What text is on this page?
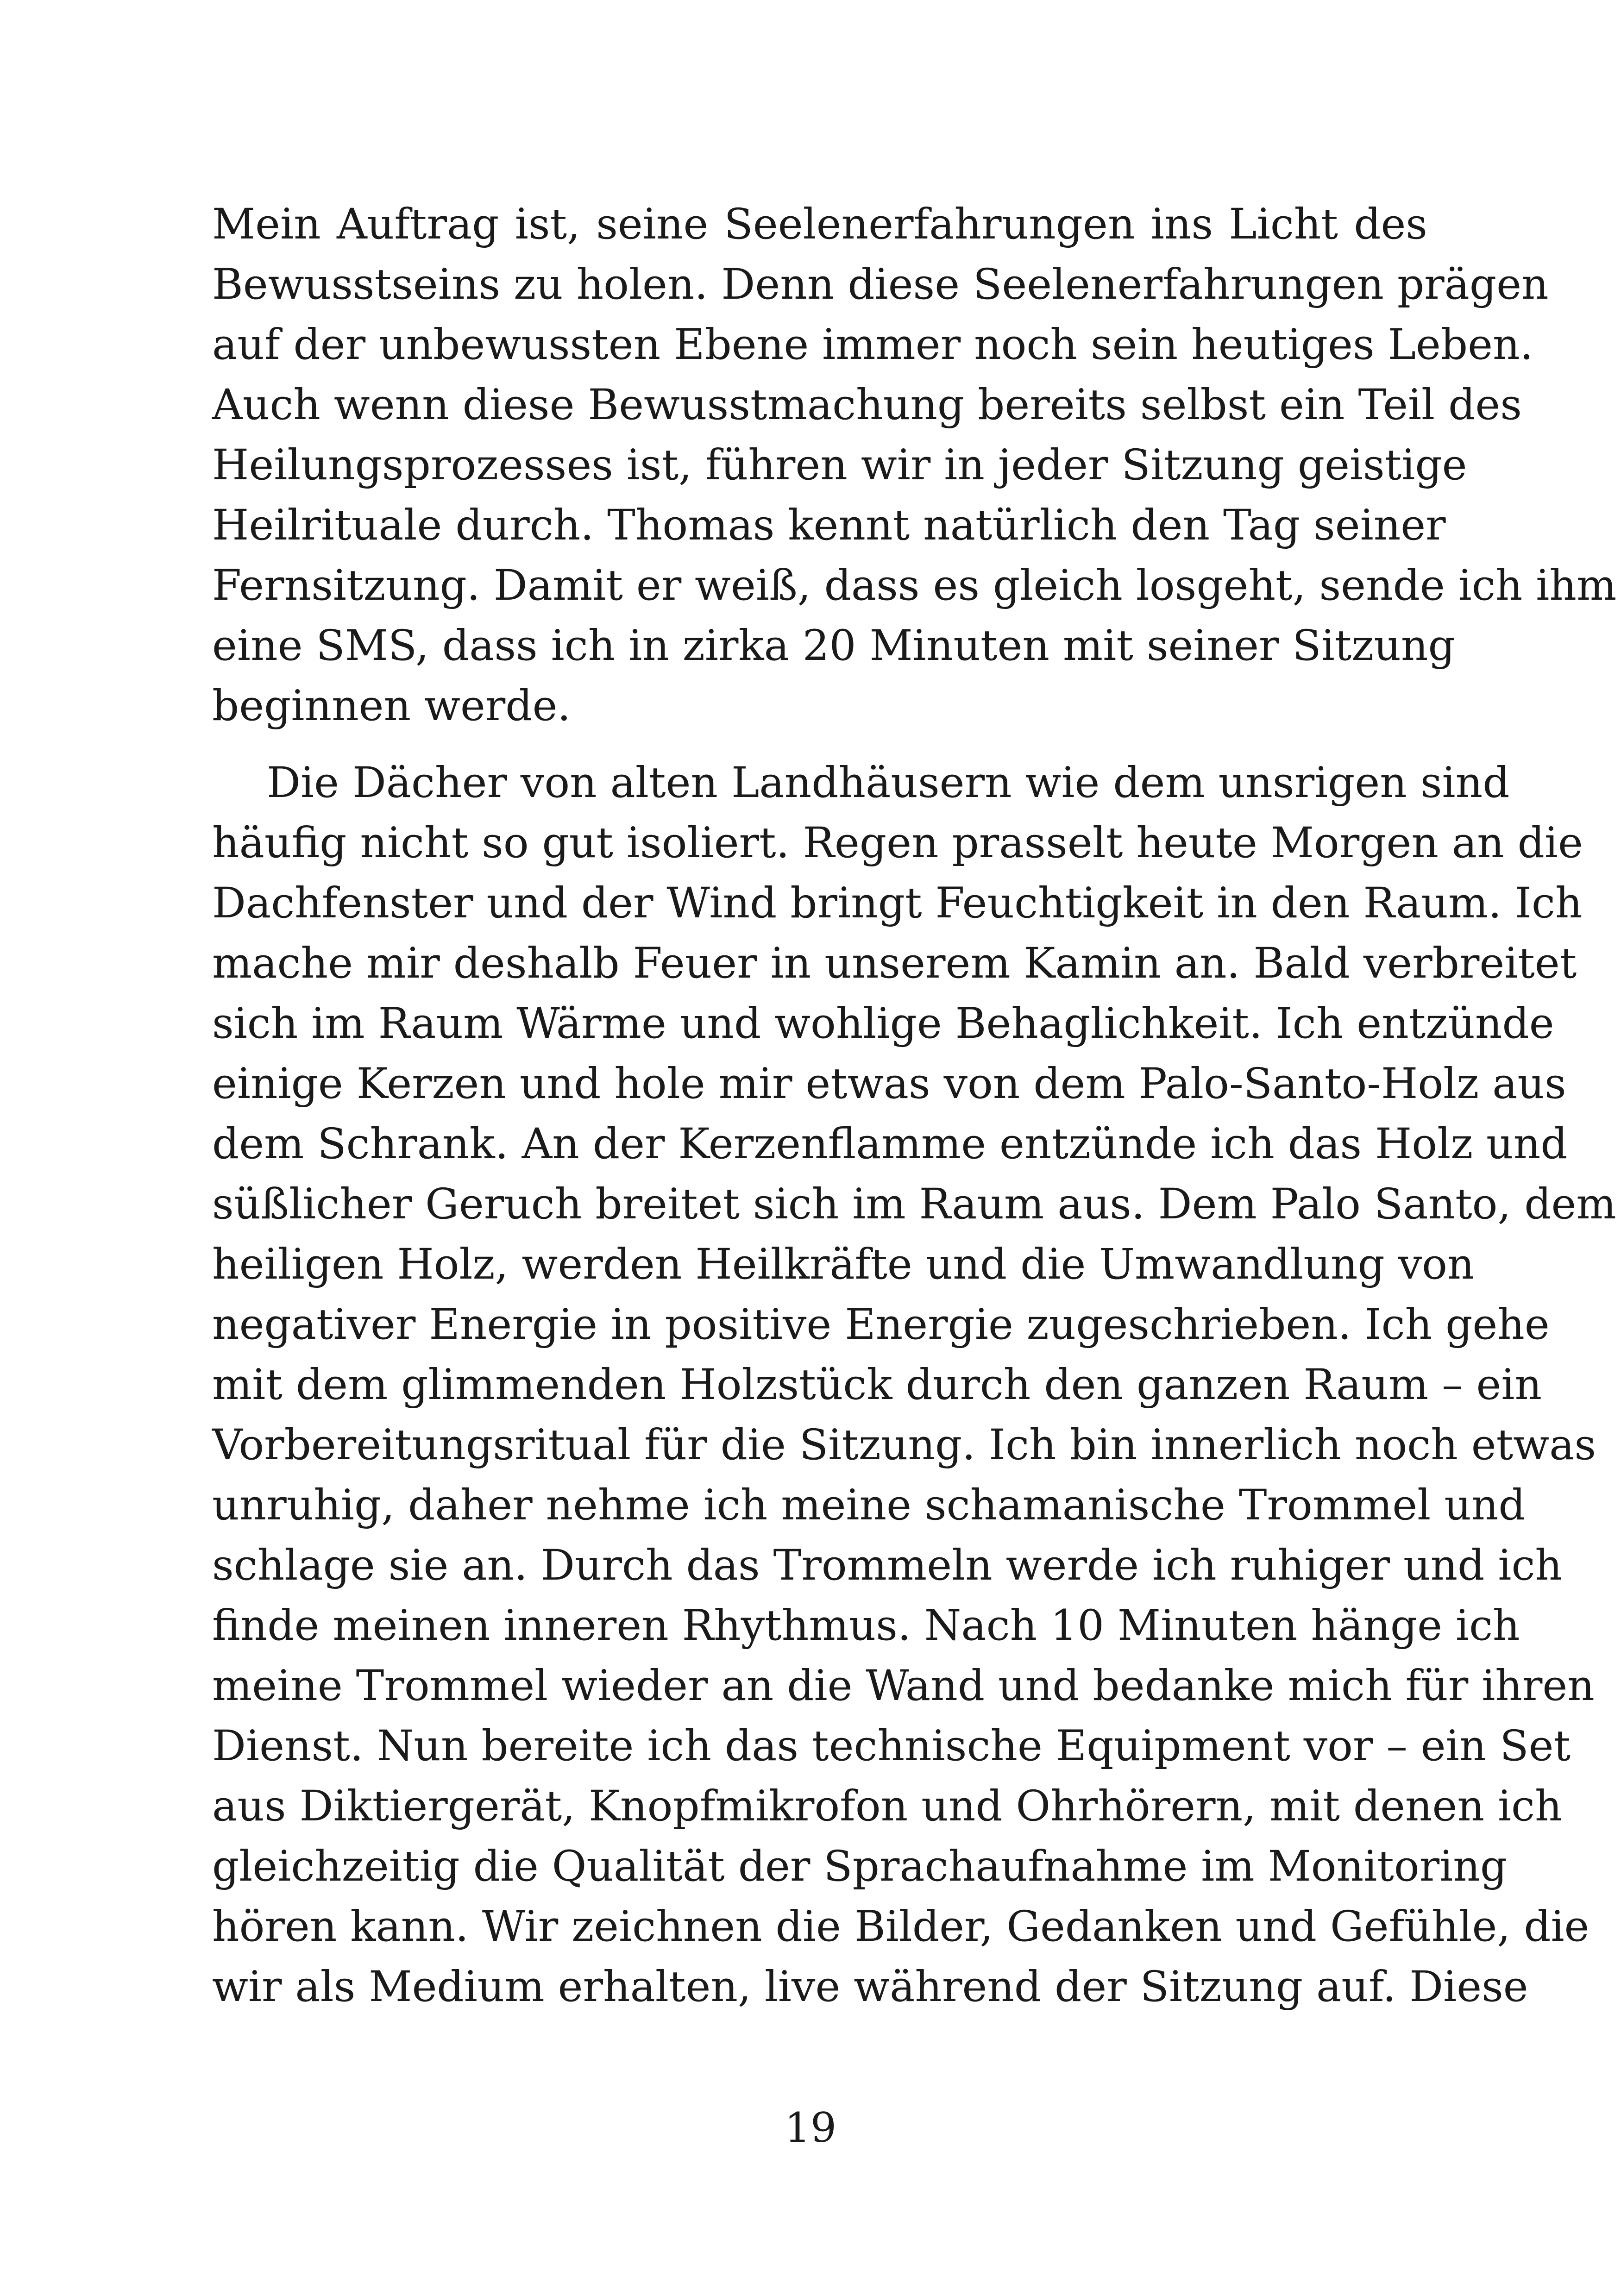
Mein Auftrag ist, seine Seelenerfahrungen ins Licht des
Bewusstseins zu holen. Denn diese Seelenerfahrungen prägen
auf der unbewussten Ebene immer noch sein heutiges Leben.
Auch wenn diese Bewusstmachung bereits selbst ein Teil des
Heilungsprozesses ist, führen wir in jeder Sitzung geistige
Heilrituale durch. Thomas kennt natürlich den Tag seiner
Fernsitzung. Damit er weiß, dass es gleich losgeht, sende ich ihm
eine SMS, dass ich in zirka 20 Minuten mit seiner Sitzung
beginnen werde.

Die Dächer von alten Landhäusern wie dem unsrigen sind
häufig nicht so gut isoliert. Regen prasselt heute Morgen an die
Dachfenster und der Wind bringt Feuchtigkeit in den Raum. Ich
mache mir deshalb Feuer in unserem Kamin an. Bald verbreitet
sich im Raum Wärme und wohlige Behaglichkeit. Ich entzünde
einige Kerzen und hole mir etwas von dem Palo-Santo-Holz aus
dem Schrank. An der Kerzenflamme entzünde ich das Holz und
süßlicher Geruch breitet sich im Raum aus. Dem Palo Santo, dem
heiligen Holz, werden Heilkräfte und die Umwandlung von
negativer Energie in positive Energie zugeschrieben. Ich gehe
mit dem glimmenden Holzstück durch den ganzen Raum – ein
Vorbereitungsritual für die Sitzung. Ich bin innerlich noch etwas
unruhig, daher nehme ich meine schamanische Trommel und
schlage sie an. Durch das Trommeln werde ich ruhiger und ich
finde meinen inneren Rhythmus. Nach 10 Minuten hänge ich
meine Trommel wieder an die Wand und bedanke mich für ihren
Dienst. Nun bereite ich das technische Equipment vor – ein Set
aus Diktiergerät, Knopfmikrofon und Ohrhörern, mit denen ich
gleichzeitig die Qualität der Sprachaufnahme im Monitoring
hören kann. Wir zeichnen die Bilder, Gedanken und Gefühle, die
wir als Medium erhalten, live während der Sitzung auf. Diese

19
